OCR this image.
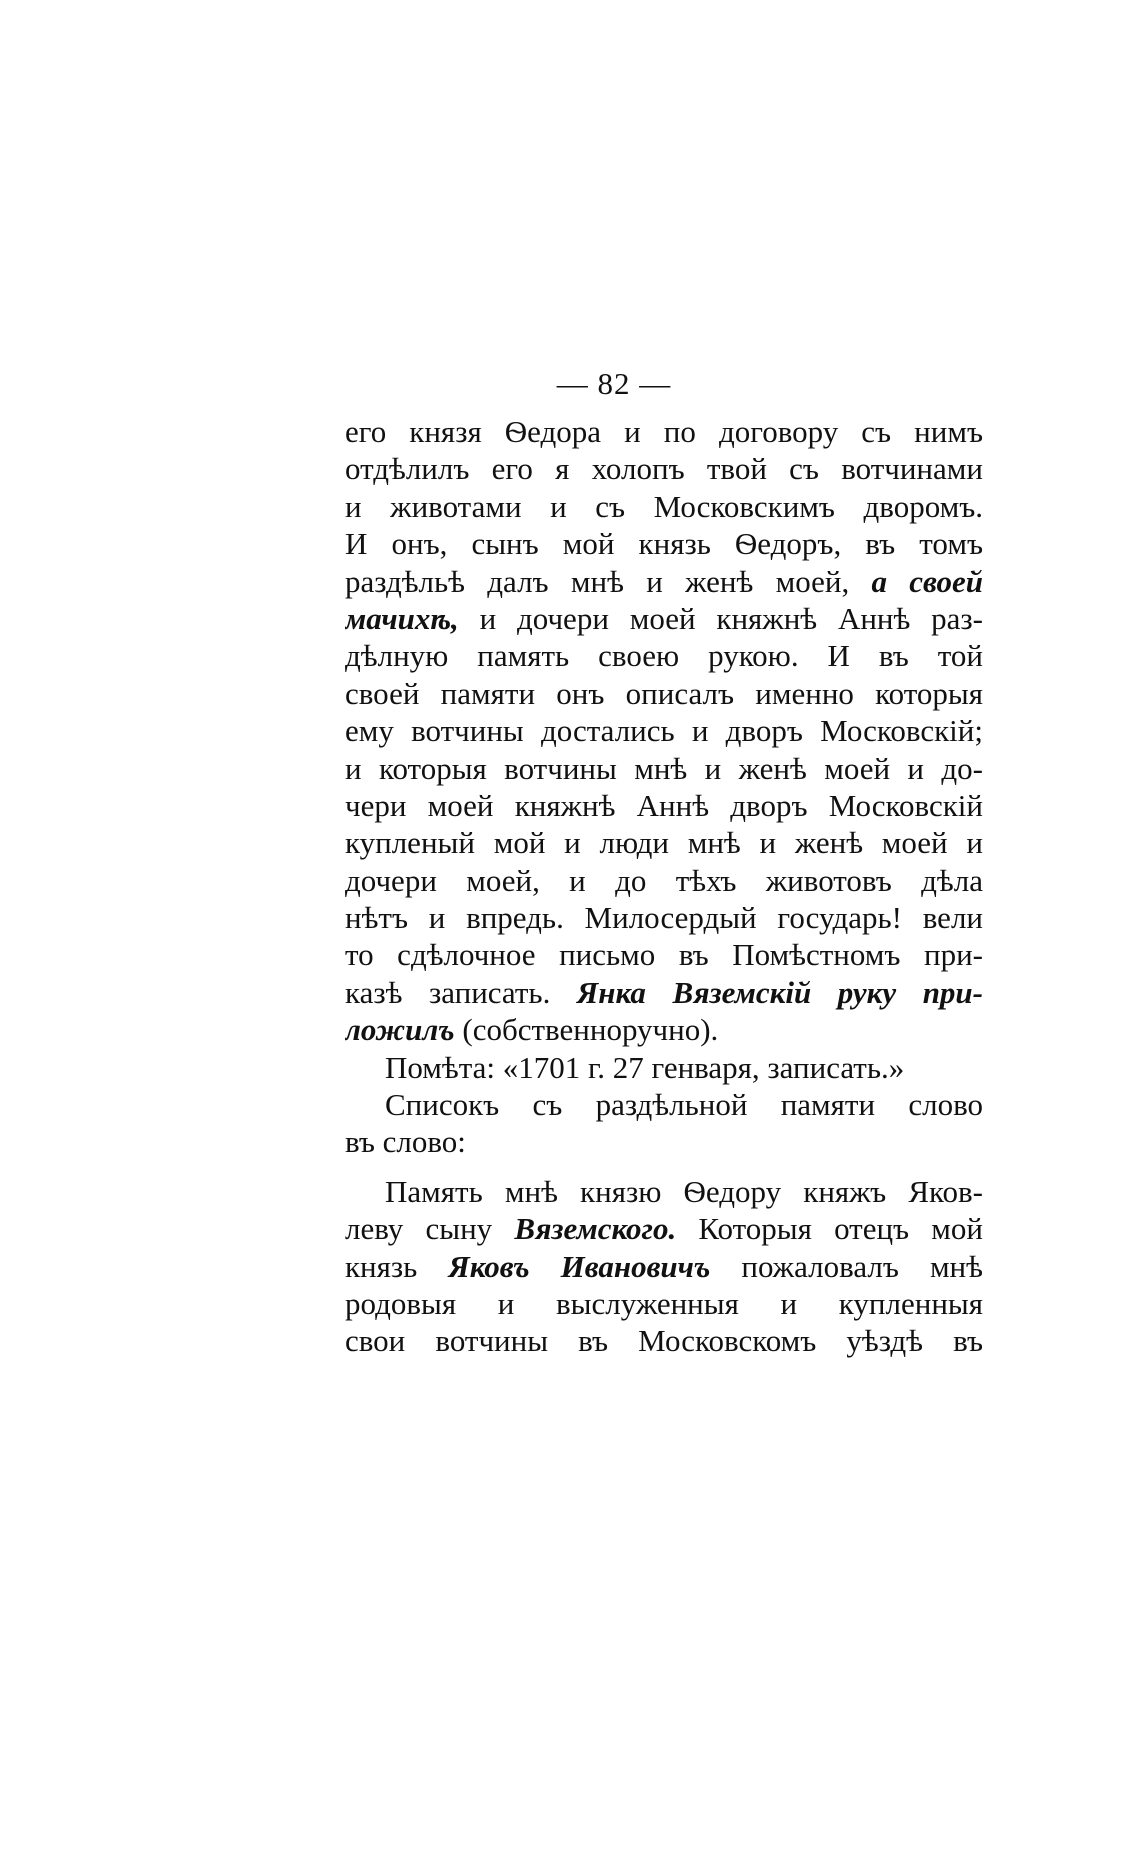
— 82 —
его князя Ѳедора и по договору съ нимъ
отдѣлилъ его я холопъ твой съ вотчинами
и животами и съ Московскимъ дворомъ.
И онъ, сынъ мой князь Ѳедоръ, въ томъ
раздѣльѣ далъ мнѣ и женѣ моей, а своей
мачихѣ, и дочери моей княжнѣ Аннѣ раз-
дѣлную память своею рукою. И въ той
своей памяти онъ описалъ именно которыя
ему вотчины достались и дворъ Московскій;
и которыя вотчины мнѣ и женѣ моей и до-
чери моей княжнѣ Аннѣ дворъ Московскій
купленый мой и люди мнѣ и женѣ моей и
дочери моей, и до тѣхъ животовъ дѣла
нѣтъ и впредь. Милосердый государь! вели
то сдѣлочное письмо въ Помѣстномъ при-
казѣ записать. Янка Вяземскій руку при-
ложилъ (собственноручно).
Помѣта: «1701 г. 27 генваря, записать.»
Списокъ съ раздѣльной памяти слово
въ слово:
Память мнѣ князю Ѳедору княжъ Яков-
леву сыну Вяземского. Которыя отецъ мой
князь Яковъ Ивановичъ пожаловалъ мнѣ
родовыя и выслуженныя и купленныя
свои вотчины въ Московскомъ уѣздѣ въ
